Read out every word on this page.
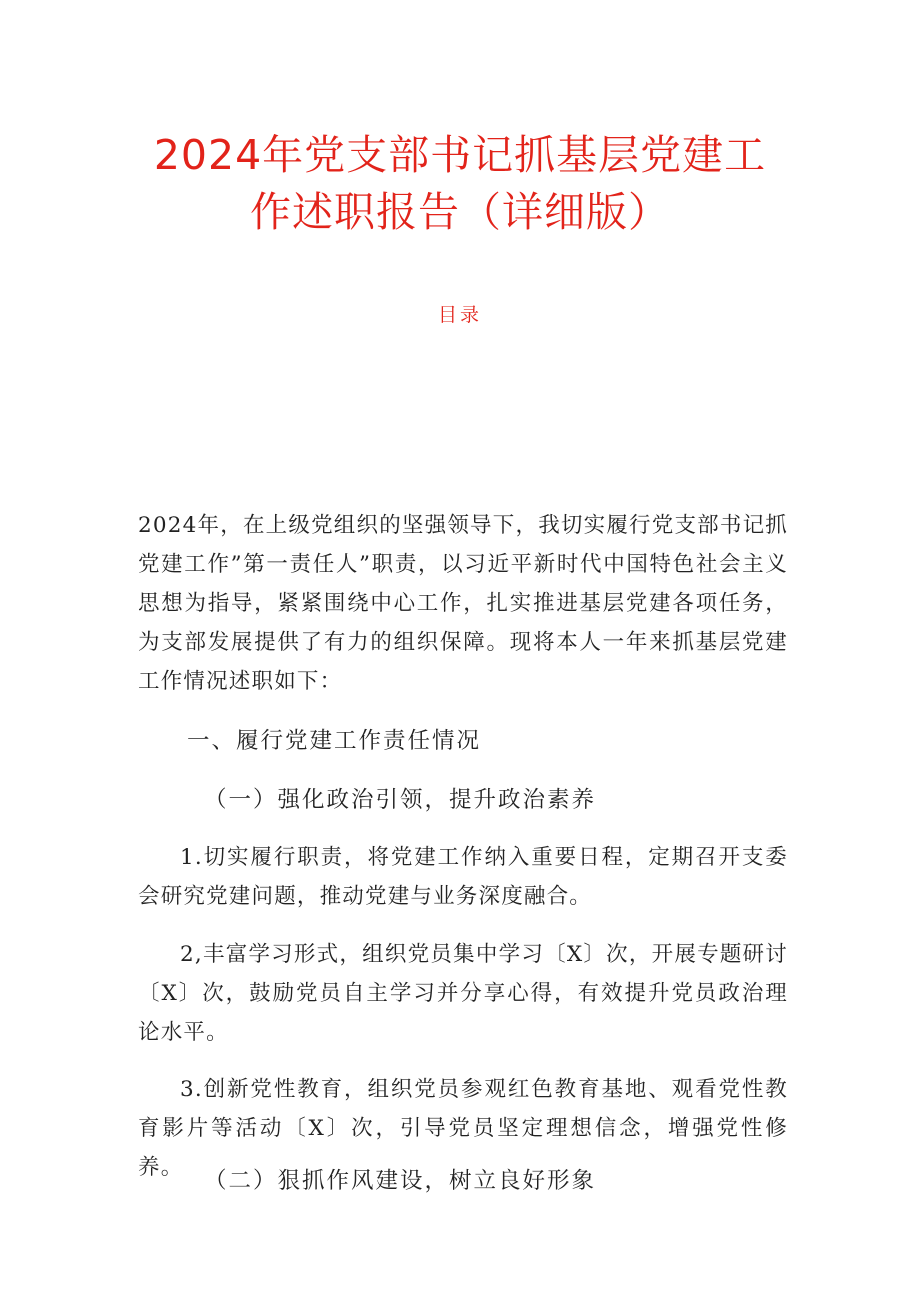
2024年党支部书记抓基层党建工
作述职报告（详细版）
目录
2024年，在上级党组织的坚强领导下，我切实履行党支部书记抓党建工作”第一责任人”职责，以习近平新时代中国特色社会主义思想为指导，紧紧围绕中心工作，扎实推进基层党建各项任务，为支部发展提供了有力的组织保障。现将本人一年来抓基层党建工作情况述职如下：
一、履行党建工作责任情况
（一）强化政治引领，提升政治素养
1.切实履行职责，将党建工作纳入重要日程，定期召开支委会研究党建问题，推动党建与业务深度融合。
2,丰富学习形式，组织党员集中学习〔X〕次，开展专题研讨〔X〕次，鼓励党员自主学习并分享心得，有效提升党员政治理论水平。
3.创新党性教育，组织党员参观红色教育基地、观看党性教育影片等活动〔X〕次，引导党员坚定理想信念，增强党性修养。
（二）狠抓作风建设，树立良好形象
